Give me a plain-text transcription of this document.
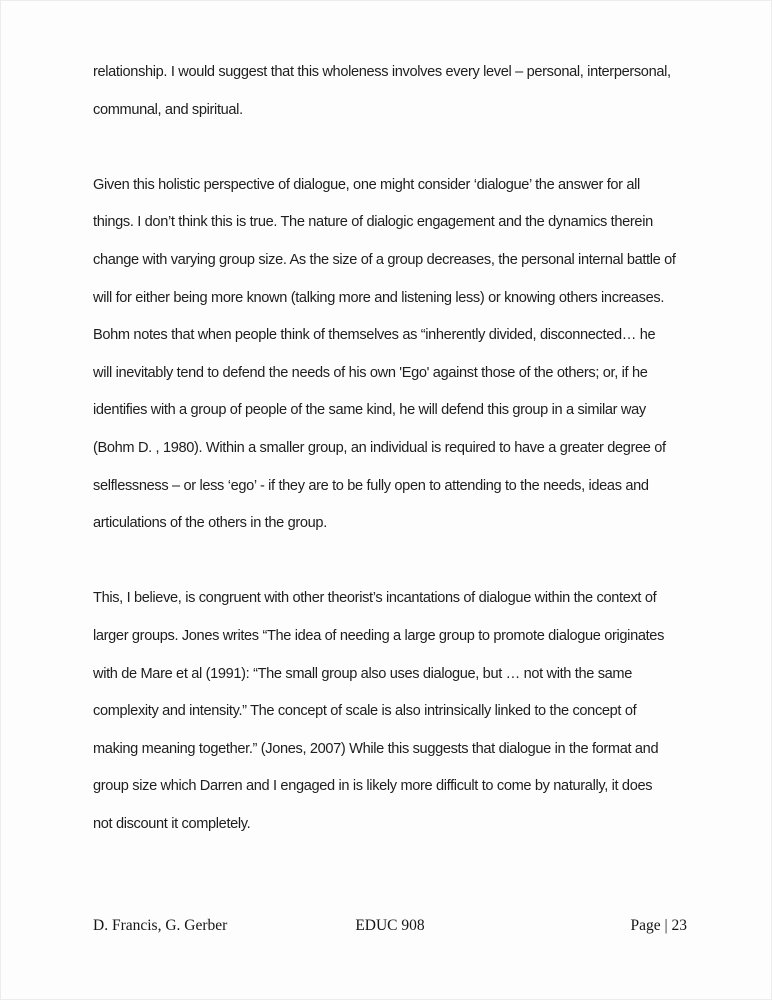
relationship. I would suggest that this wholeness involves every level – personal, interpersonal,
communal, and spiritual.
Given this holistic perspective of dialogue, one might consider ‘dialogue’ the answer for all
things. I don’t think this is true. The nature of dialogic engagement and the dynamics therein
change with varying group size. As the size of a group decreases, the personal internal battle of
will for either being more known (talking more and listening less) or knowing others increases.
Bohm notes that when people think of themselves as “inherently divided, disconnected… he
will inevitably tend to defend the needs of his own 'Ego' against those of the others; or, if he
identifies with a group of people of the same kind, he will defend this group in a similar way
(Bohm D. , 1980). Within a smaller group, an individual is required to have a greater degree of
selflessness – or less ‘ego’ - if they are to be fully open to attending to the needs, ideas and
articulations of the others in the group.
This, I believe, is congruent with other theorist’s incantations of dialogue within the context of
larger groups. Jones writes “The idea of needing a large group to promote dialogue originates
with de Mare et al (1991): “The small group also uses dialogue, but … not with the same
complexity and intensity.” The concept of scale is also intrinsically linked to the concept of
making meaning together.” (Jones, 2007) While this suggests that dialogue in the format and
group size which Darren and I engaged in is likely more difficult to come by naturally, it does
not discount it completely.
D. Francis, G. Gerber	EDUC 908	Page | 23
